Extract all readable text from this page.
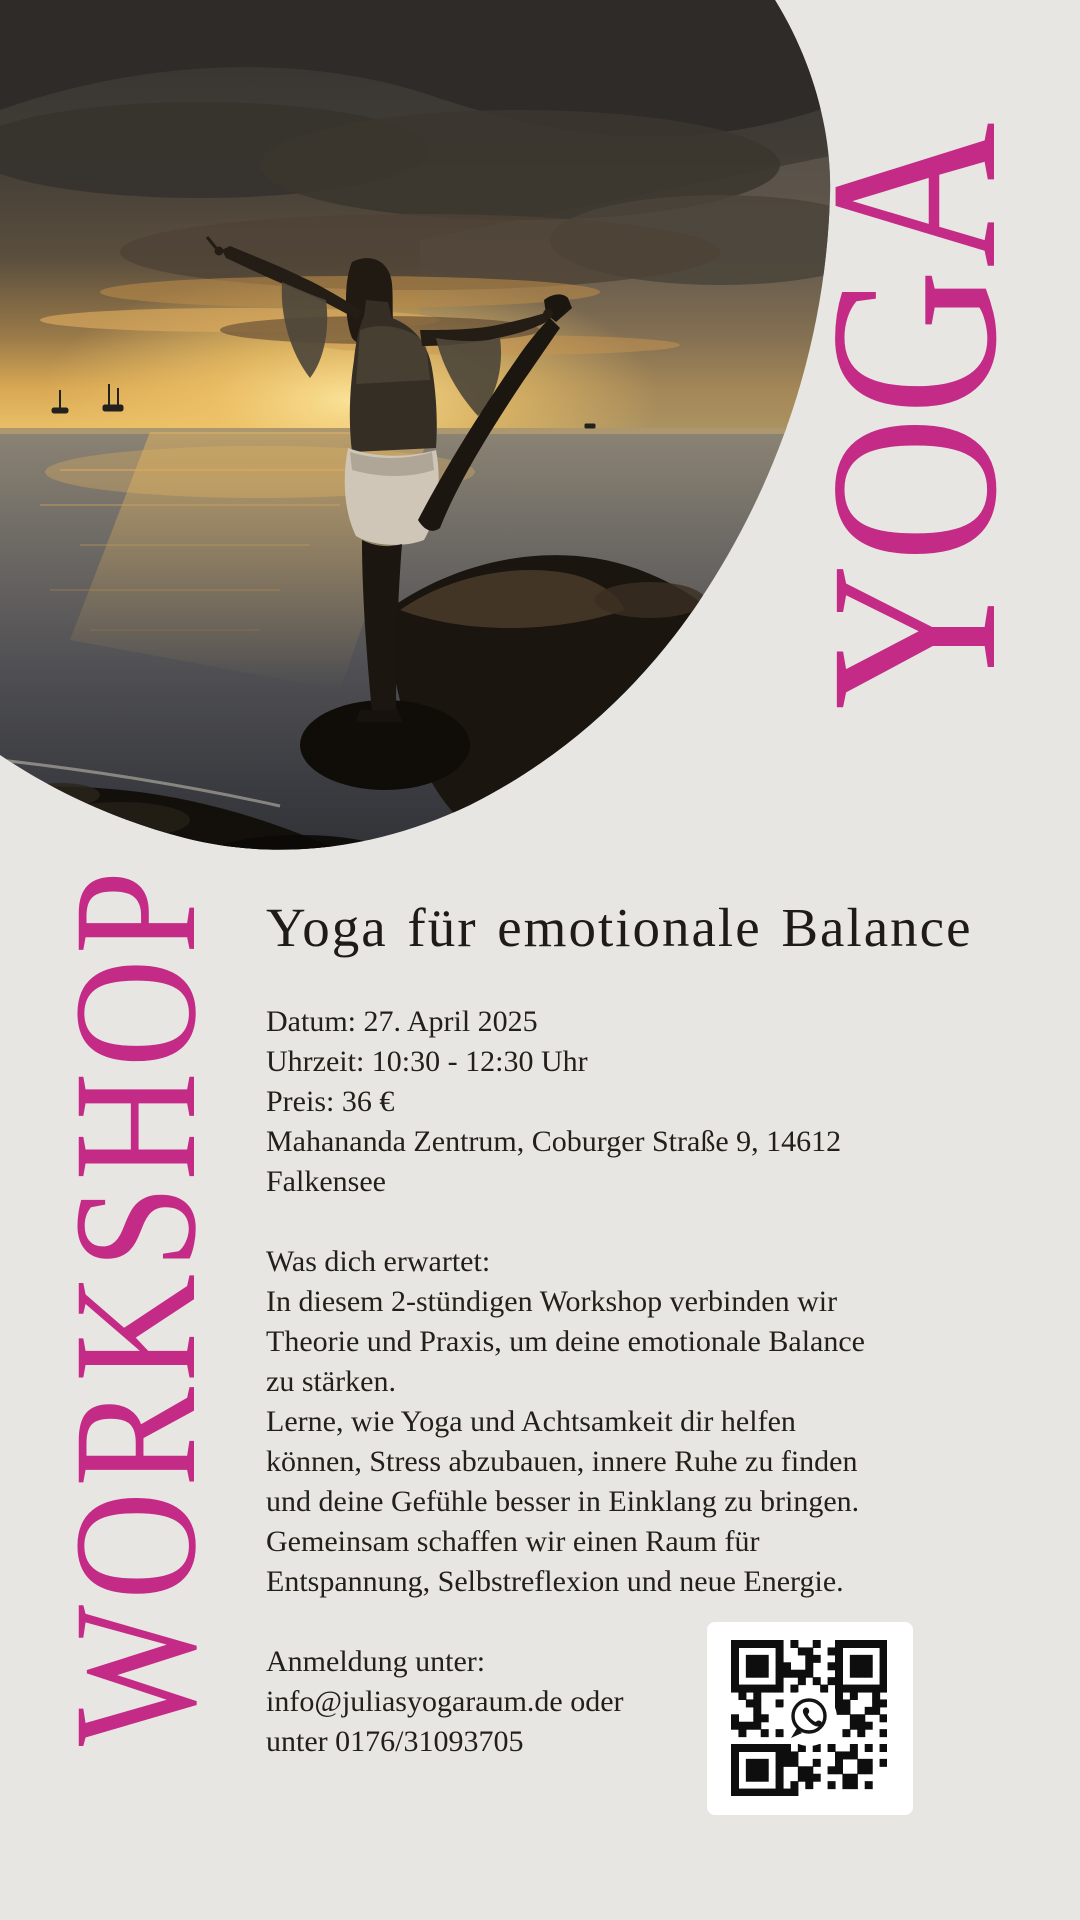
YOGA
WORKSHOP Yoga für emotionale Balance

Datum: 27. April 2025
Uhrzeit: 10:30 - 12:30 Uhr
Preis: 36 €
Mahananda Zentrum, Coburger Straße 9, 14612
Falkensee

Was dich erwartet:
In diesem 2-stündigen Workshop verbinden wir
Theorie und Praxis, um deine emotionale Balance
zu stärken.
Lerne, wie Yoga und Achtsamkeit dir helfen
können, Stress abzubauen, innere Ruhe zu finden
und deine Gefühle besser in Einklang zu bringen.
Gemeinsam schaffen wir einen Raum für
Entspannung, Selbstreflexion und neue Energie.

Anmeldung unter:
info@juliasyogaraum.de oder
unter 0176/31093705
